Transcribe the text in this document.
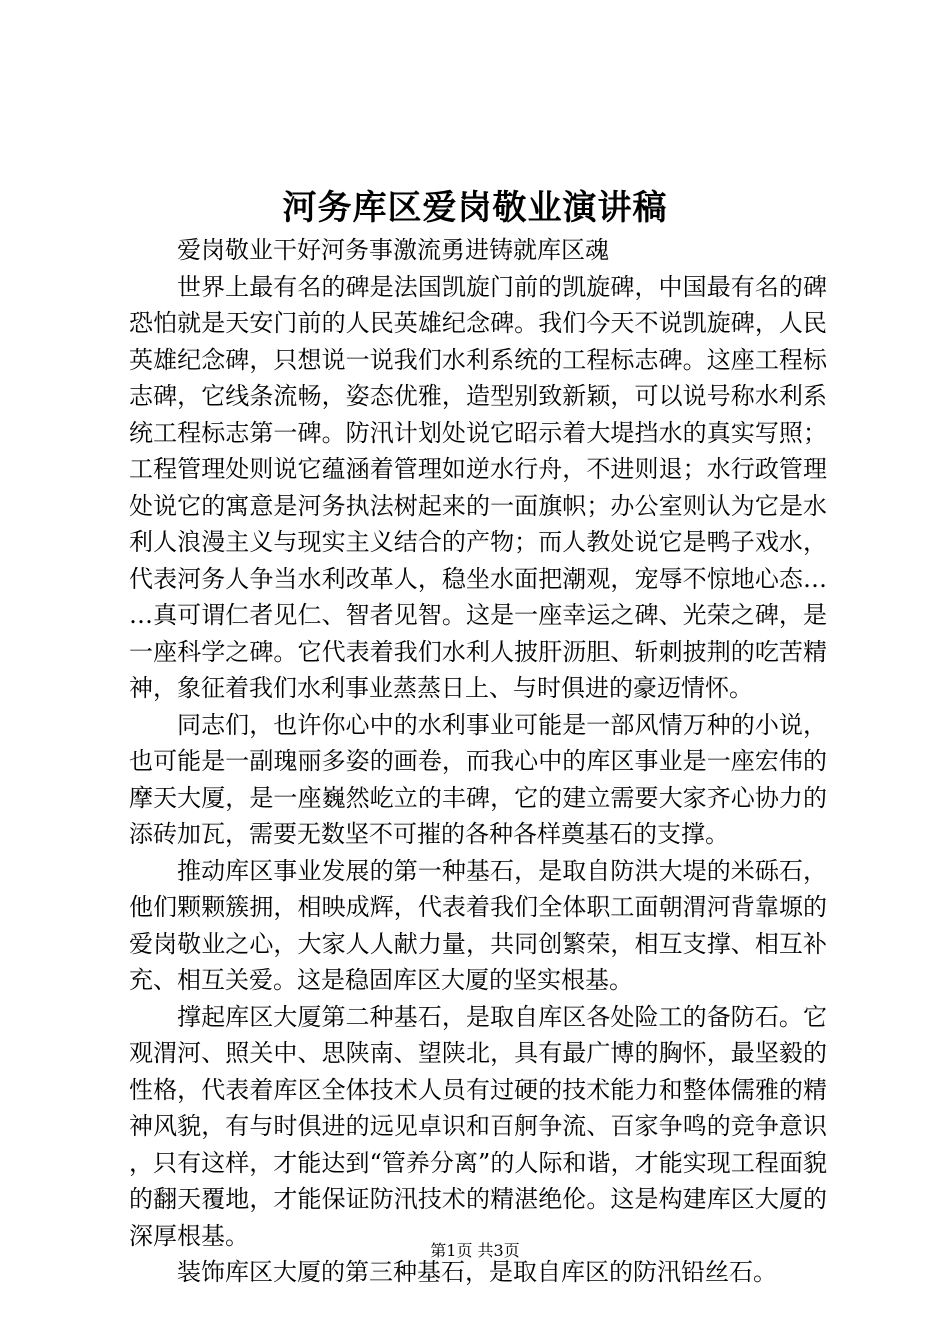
河务库区爱岗敬业演讲稿

爱岗敬业干好河务事激流勇进铸就库区魂

世界上最有名的碑是法国凯旋门前的凯旋碑，中国最有名的碑恐怕就是天安门前的人民英雄纪念碑。我们今天不说凯旋碑，人民英雄纪念碑，只想说一说我们水利系统的工程标志碑。这座工程标志碑，它线条流畅，姿态优雅，造型别致新颖，可以说号称水利系统工程标志第一碑。防汛计划处说它昭示着大堤挡水的真实写照；工程管理处则说它蕴涵着管理如逆水行舟，不进则退；水行政管理处说它的寓意是河务执法树起来的一面旗帜；办公室则认为它是水利人浪漫主义与现实主义结合的产物；而人教处说它是鸭子戏水，代表河务人争当水利改革人，稳坐水面把潮观，宠辱不惊地心态……真可谓仁者见仁、智者见智。这是一座幸运之碑、光荣之碑，是一座科学之碑。它代表着我们水利人披肝沥胆、斩刺披荆的吃苦精神，象征着我们水利事业蒸蒸日上、与时俱进的豪迈情怀。

同志们，也许你心中的水利事业可能是一部风情万种的小说，也可能是一副瑰丽多姿的画卷，而我心中的库区事业是一座宏伟的摩天大厦，是一座巍然屹立的丰碑，它的建立需要大家齐心协力的添砖加瓦，需要无数坚不可摧的各种各样奠基石的支撑。

推动库区事业发展的第一种基石，是取自防洪大堤的米砾石，他们颗颗簇拥，相映成辉，代表着我们全体职工面朝渭河背靠塬的爱岗敬业之心，大家人人献力量，共同创繁荣，相互支撑、相互补充、相互关爱。这是稳固库区大厦的坚实根基。

撑起库区大厦第二种基石，是取自库区各处险工的备防石。它观渭河、照关中、思陕南、望陕北，具有最广博的胸怀，最坚毅的性格，代表着库区全体技术人员有过硬的技术能力和整体儒雅的精神风貌，有与时俱进的远见卓识和百舸争流、百家争鸣的竞争意识，只有这样，才能达到“管养分离”的人际和谐，才能实现工程面貌的翻天覆地，才能保证防汛技术的精湛绝伦。这是构建库区大厦的深厚根基。

装饰库区大厦的第三种基石，是取自库区的防汛铅丝石。

第1页 共3页
